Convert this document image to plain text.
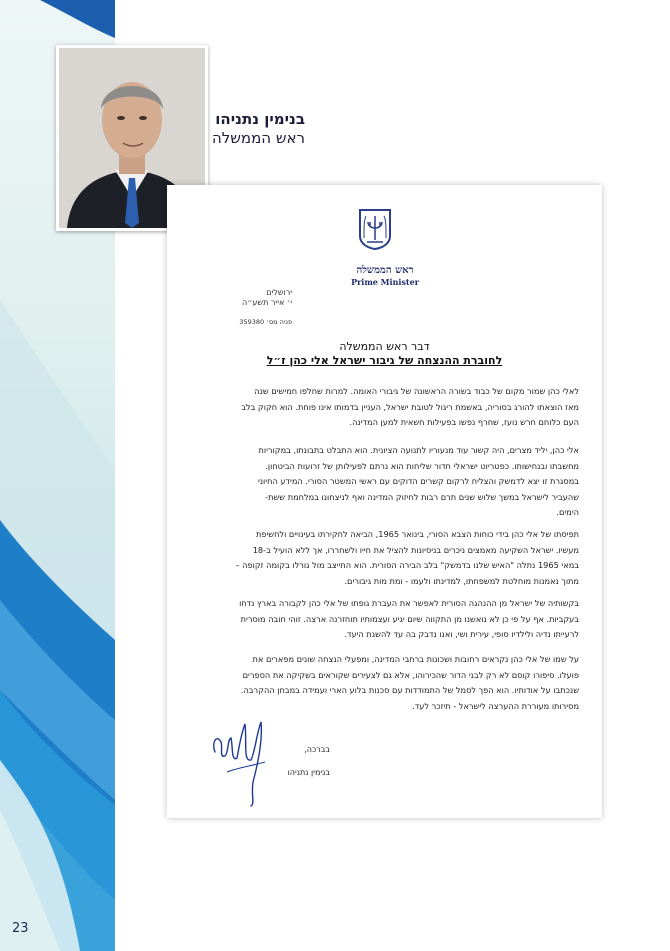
23
בנימין נתניהו
ראש הממשלה
ראש הממשלה
Prime Minister
ירושלים
י׳ אייר תשע״ה
פניה מס׳ 359380
דבר ראש הממשלה
לחוברת ההנצחה של גיבור ישראל אלי כהן ז״ל
לאלי כהן שמור מקום של כבוד בשורה הראשונה של גיבורי האומה. למרות שחלפו חמישים שנה
מאז הוצאתו להורג בסוריה, באשמת ריגול לטובת ישראל, העניין בדמותו אינו פוחת. הוא חקוק בלב
העם כלוחם חרש נועז, שחרף נפשו בפעילות חשאית למען המדינה.
אלי כהן, יליד מצרים, היה קשור עוד מנעוריו לתנועה הציונית. הוא התבלט בתבונתו, במקוריות
מחשבתו ובנחישותו. כפטריוט ישראלי חדור שליחות הוא נרתם לפעילותן של זרועות הביטחון.
במסגרת זו יצא לדמשק והצליח לרקום קשרים הדוקים עם ראשי המשטר הסורי. המידע החיוני
שהעביר לישראל במשך שלוש שנים תרם רבות לחיזוק המדינה ואף לניצחונו במלחמת ששת-
הימים.
תפיסתו של אלי כהן בידי כוחות הצבא הסורי, בינואר 1965, הביאה לחקירתו בעינויים ולחשיפת
מעשיו. ישראל השקיעה מאמצים ניכרים בניסיונות להציל את חייו ולשחררו, אך ללא הועיל ב-18
במאי 1965 נתלה "האיש שלנו בדמשק" בלב הבירה הסורית. הוא התייצב מול גורלו בקומה זקופה –
מתוך נאמנות מוחלטת למשפחתו, למדינתו ולעמו - ומת מות גיבורים.
בקשותיה של ישראל מן ההנהגה הסורית לאפשר את העברת גופתו של אלי כהן לקבורה בארץ נדחו
בעקביות. אף על פי כן לא נואשנו מן התקווה שיום יגיע ועצמותיו תוחזרנה ארצה. זוהי חובה מוסרית
לרעייתו נדיה ולילדיו סופי, עירית ושי, ואנו נדבק בה עד להשגת היעד.
על שמו של אלי כהן נקראים רחובות ושכונות ברחבי המדינה, ומפעלי הנצחה שונים מפארים את
פועלו. סיפורו קוסם לא רק לבני הדור שהכירוהו, אלא גם לצעירים שקוראים בשקיקה את הספרים
שנכתבו על אודותיו. הוא הפך לסמל של התמודדות עם סכנות בלוע הארי ועמידה במבחן ההקרבה.
מסירותו מעוררת ההערצה לישראל - תיזכר לעד.
בברכה,
בנימין נתניהו
